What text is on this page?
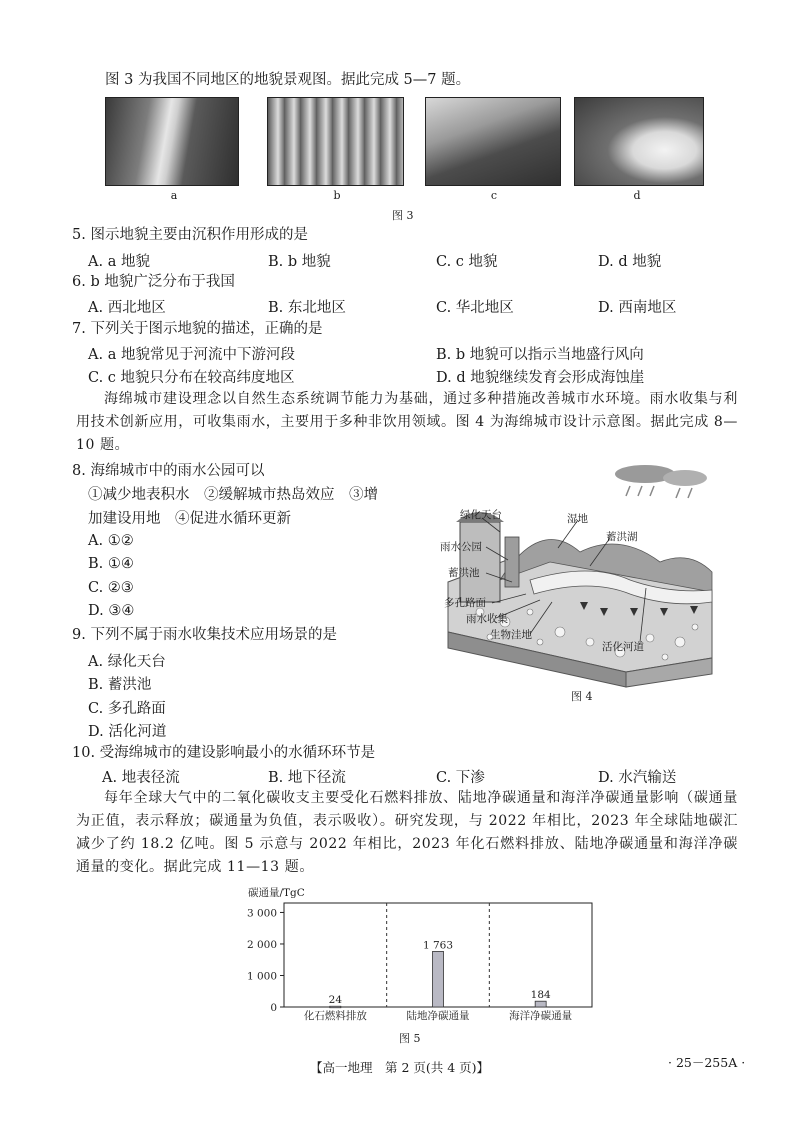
图 3 为我国不同地区的地貌景观图。据此完成 5—7 题。
a	b	c	d
图 3
5. 图示地貌主要由沉积作用形成的是
A. a 地貌	B. b 地貌	C. c 地貌	D. d 地貌
6. b 地貌广泛分布于我国
A. 西北地区	B. 东北地区	C. 华北地区	D. 西南地区
7. 下列关于图示地貌的描述，正确的是
A. a 地貌常见于河流中下游河段	B. b 地貌可以指示当地盛行风向
C. c 地貌只分布在较高纬度地区	D. d 地貌继续发育会形成海蚀崖
海绵城市建设理念以自然生态系统调节能力为基础，通过多种措施改善城市水环境。雨水收集与利用技术创新应用，可收集雨水，主要用于多种非饮用领域。图 4 为海绵城市设计示意图。据此完成 8—10 题。
8. 海绵城市中的雨水公园可以
①减少地表积水　②缓解城市热岛效应　③增
加建设用地　④促进水循环更新
A. ①②
B. ①④
C. ②③
D. ③④
9. 下列不属于雨水收集技术应用场景的是
A. 绿化天台
B. 蓄洪池
C. 多孔路面
D. 活化河道
绿化天台	湿地
蓄洪湖
雨水公园
蓄洪池
多孔路面
雨水收集
生物洼地
活化河道
图 4
10. 受海绵城市的建设影响最小的水循环环节是
A. 地表径流	B. 地下径流	C. 下渗	D. 水汽输送
每年全球大气中的二氧化碳收支主要受化石燃料排放、陆地净碳通量和海洋净碳通量影响（碳通量为正值，表示释放；碳通量为负值，表示吸收）。研究发现，与 2022 年相比，2023 年全球陆地碳汇减少了约 18.2 亿吨。图 5 示意与 2022 年相比，2023 年化石燃料排放、陆地净碳通量和海洋净碳通量的变化。据此完成 11—13 题。
碳通量/TgC
0
1 000
2 000
3 000
24
化石燃料排放
1 763
陆地净碳通量
184
海洋净碳通量
图 5
【高一地理　第 2 页(共 4 页)】	· 25－255A ·
